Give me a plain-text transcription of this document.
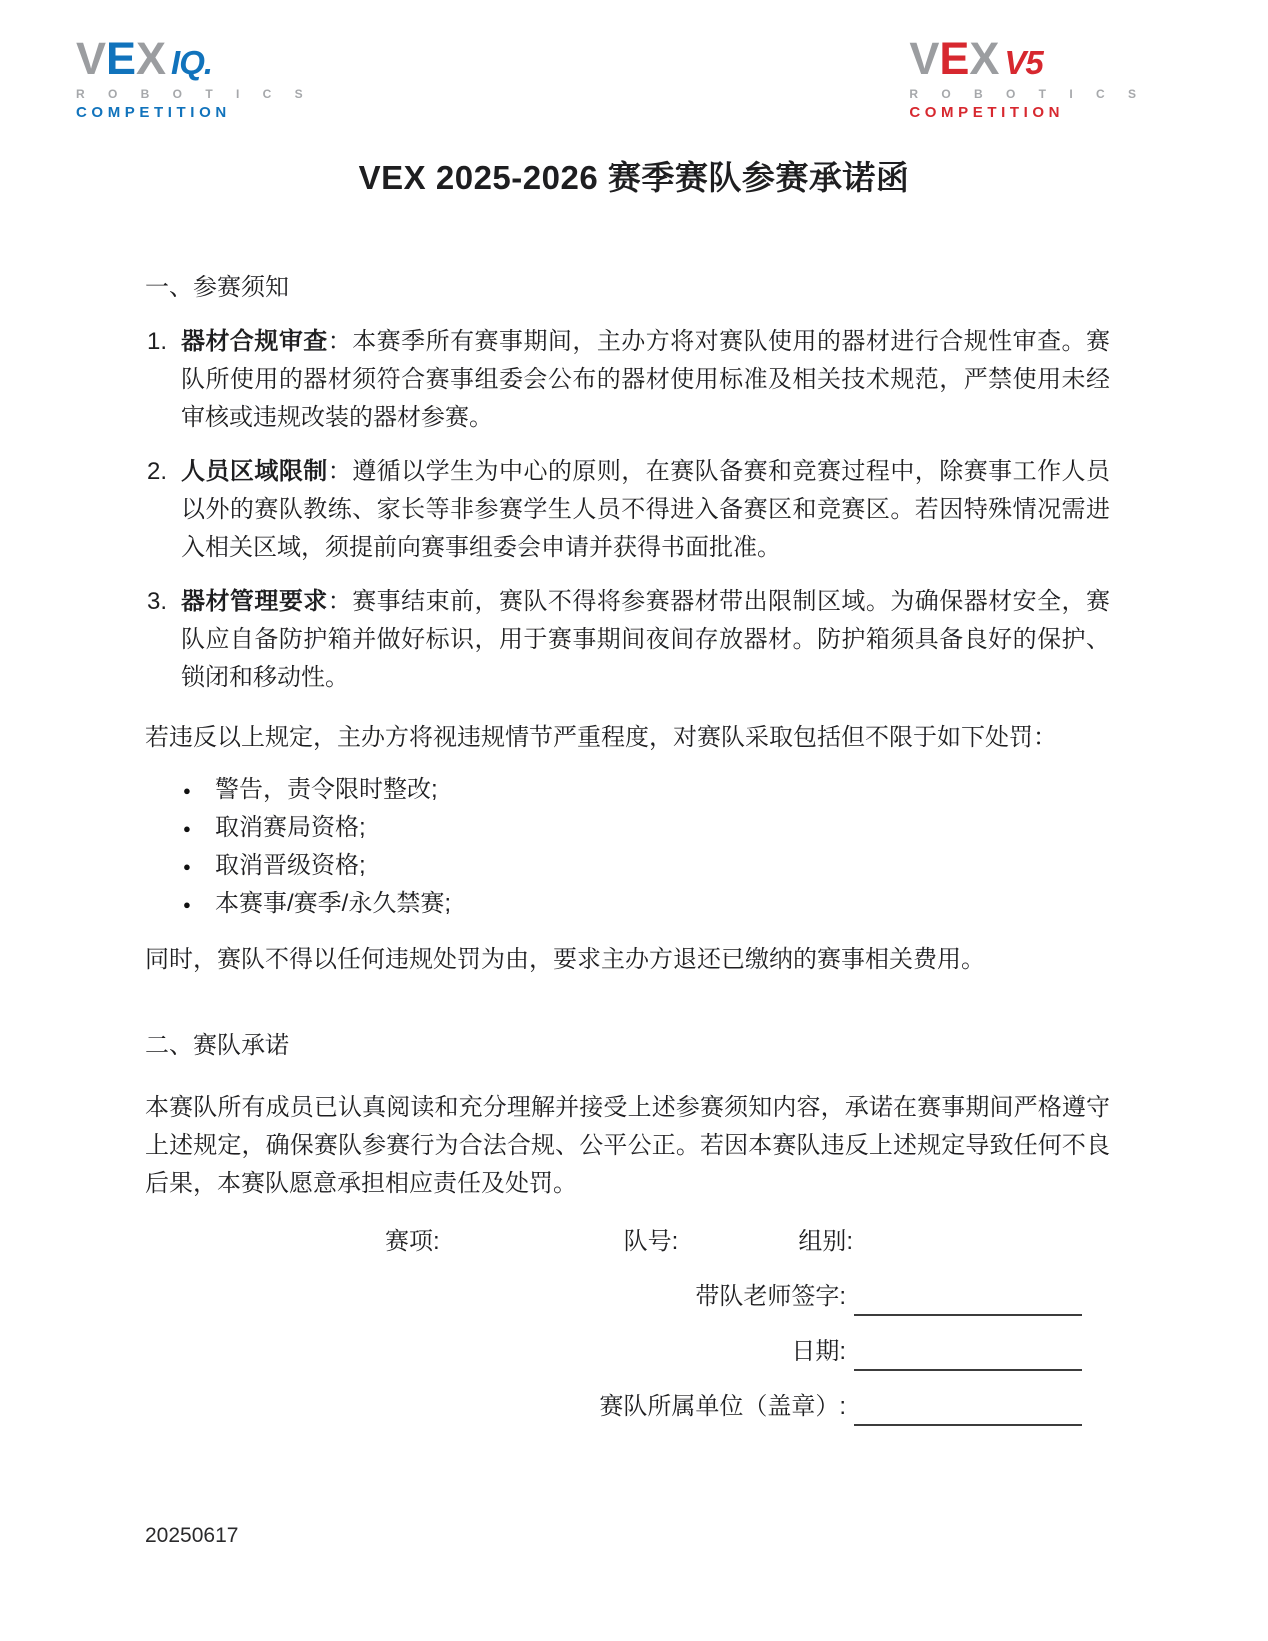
VEX IQ.
R O B O T I C S
COMPETITION
VEX V5
R O B O T I C S
COMPETITION
VEX 2025-2026 赛季赛队参赛承诺函
一、参赛须知
1. 器材合规审查：本赛季所有赛事期间，主办方将对赛队使用的器材进行合规性审查。赛队所使用的器材须符合赛事组委会公布的器材使用标准及相关技术规范，严禁使用未经审核或违规改装的器材参赛。
2. 人员区域限制：遵循以学生为中心的原则，在赛队备赛和竞赛过程中，除赛事工作人员以外的赛队教练、家长等非参赛学生人员不得进入备赛区和竞赛区。若因特殊情况需进入相关区域，须提前向赛事组委会申请并获得书面批准。
3. 器材管理要求：赛事结束前，赛队不得将参赛器材带出限制区域。为确保器材安全，赛队应自备防护箱并做好标识，用于赛事期间夜间存放器材。防护箱须具备良好的保护、锁闭和移动性。
若违反以上规定，主办方将视违规情节严重程度，对赛队采取包括但不限于如下处罚：
● 警告，责令限时整改;
● 取消赛局资格;
● 取消晋级资格;
● 本赛事/赛季/永久禁赛;
同时，赛队不得以任何违规处罚为由，要求主办方退还已缴纳的赛事相关费用。
二、赛队承诺
本赛队所有成员已认真阅读和充分理解并接受上述参赛须知内容，承诺在赛事期间严格遵守上述规定，确保赛队参赛行为合法合规、公平公正。若因本赛队违反上述规定导致任何不良后果，本赛队愿意承担相应责任及处罚。
赛项:	队号:	组别:
带队老师签字:
日期:
赛队所属单位（盖章）:
20250617
